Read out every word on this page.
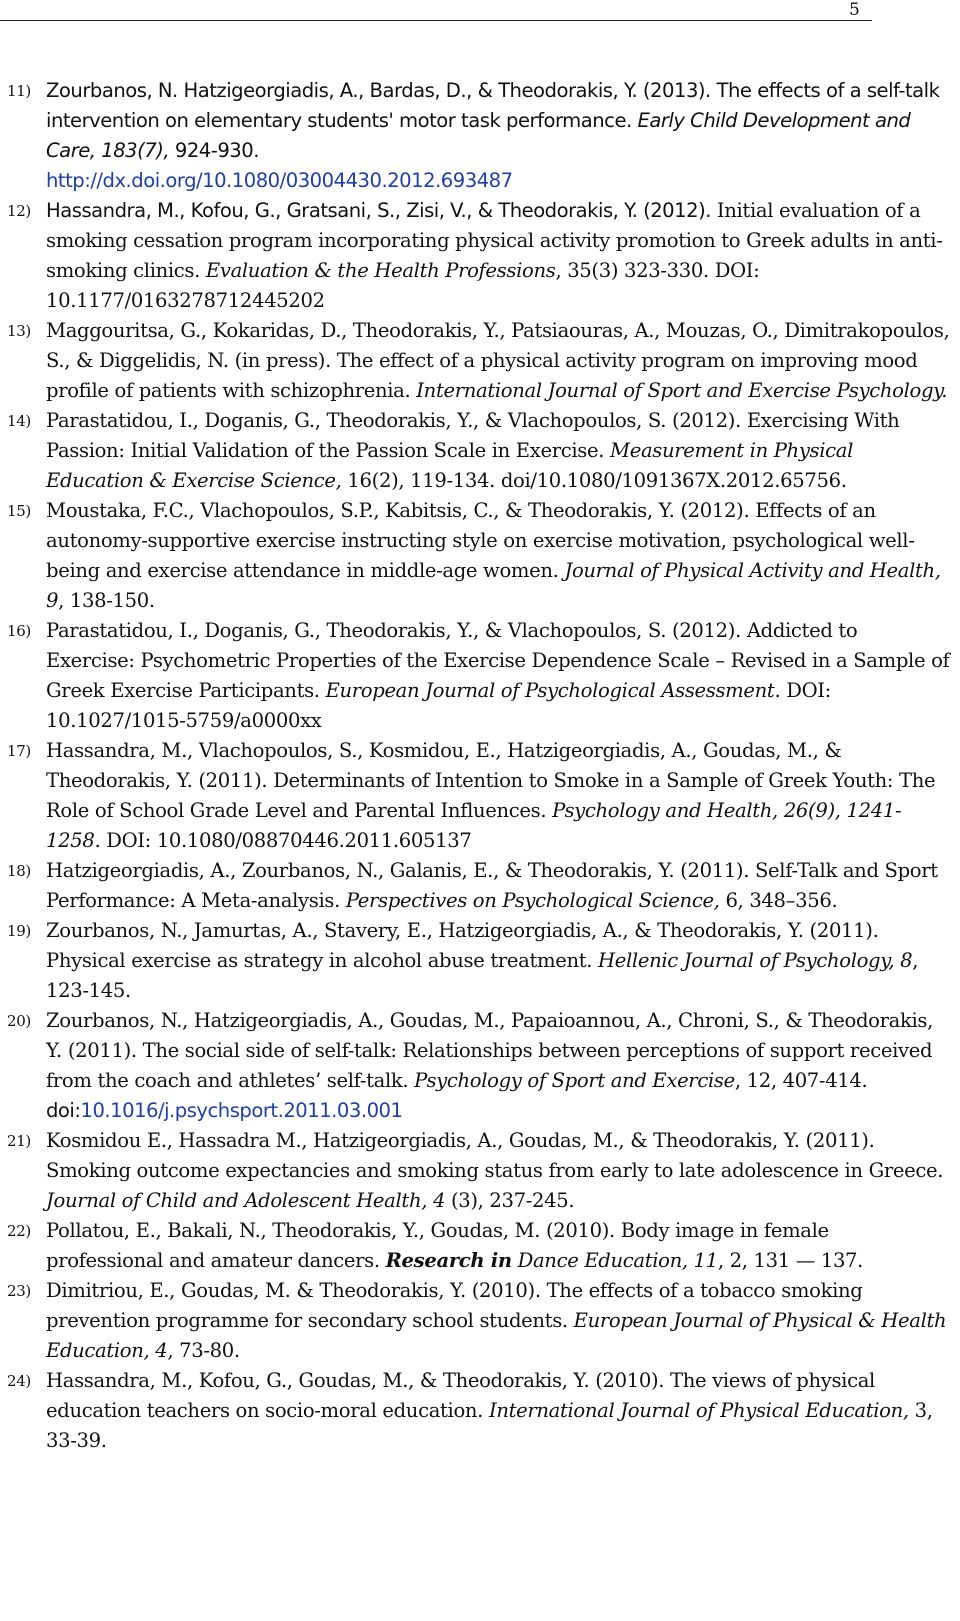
5
11) Zourbanos, N. Hatzigeorgiadis, A., Bardas, D., & Theodorakis, Y. (2013). The effects of a self-talk intervention on elementary students' motor task performance. Early Child Development and Care, 183(7), 924-930.
http://dx.doi.org/10.1080/03004430.2012.693487
12) Hassandra, M., Kofou, G., Gratsani, S., Zisi, V., & Theodorakis, Y. (2012). Initial evaluation of a smoking cessation program incorporating physical activity promotion to Greek adults in anti-smoking clinics. Evaluation & the Health Professions, 35(3) 323-330. DOI: 10.1177/0163278712445202
13) Maggouritsa, G., Kokaridas, D., Theodorakis, Y., Patsiaouras, A., Mouzas, O., Dimitrakopoulos, S., & Diggelidis, N. (in press). The effect of a physical activity program on improving mood profile of patients with schizophrenia. International Journal of Sport and Exercise Psychology.
14) Parastatidou, I., Doganis, G., Theodorakis, Y., & Vlachopoulos, S. (2012). Exercising With Passion: Initial Validation of the Passion Scale in Exercise. Measurement in Physical Education & Exercise Science, 16(2), 119-134. doi/10.1080/1091367X.2012.65756.
15) Moustaka, F.C., Vlachopoulos, S.P., Kabitsis, C., & Theodorakis, Y. (2012). Effects of an autonomy-supportive exercise instructing style on exercise motivation, psychological well-being and exercise attendance in middle-age women. Journal of Physical Activity and Health, 9, 138-150.
16) Parastatidou, I., Doganis, G., Theodorakis, Y., & Vlachopoulos, S. (2012). Addicted to Exercise: Psychometric Properties of the Exercise Dependence Scale – Revised in a Sample of Greek Exercise Participants. European Journal of Psychological Assessment. DOI: 10.1027/1015-5759/a0000xx
17) Hassandra, M., Vlachopoulos, S., Kosmidou, E., Hatzigeorgiadis, A., Goudas, M., & Theodorakis, Y. (2011). Determinants of Intention to Smoke in a Sample of Greek Youth: The Role of School Grade Level and Parental Influences. Psychology and Health, 26(9), 1241-1258. DOI: 10.1080/08870446.2011.605137
18) Hatzigeorgiadis, A., Zourbanos, N., Galanis, E., & Theodorakis, Y. (2011). Self-Talk and Sport Performance: A Meta-analysis. Perspectives on Psychological Science, 6, 348–356.
19) Zourbanos, N., Jamurtas, A., Stavery, E., Hatzigeorgiadis, A., & Theodorakis, Y. (2011). Physical exercise as strategy in alcohol abuse treatment. Hellenic Journal of Psychology, 8, 123-145.
20) Zourbanos, N., Hatzigeorgiadis, A., Goudas, M., Papaioannou, A., Chroni, S., & Theodorakis, Y. (2011). The social side of self-talk: Relationships between perceptions of support received from the coach and athletes’ self-talk. Psychology of Sport and Exercise, 12, 407-414. doi:10.1016/j.psychsport.2011.03.001
21) Kosmidou E., Hassadra M., Hatzigeorgiadis, A., Goudas, M., & Theodorakis, Y. (2011). Smoking outcome expectancies and smoking status from early to late adolescence in Greece. Journal of Child and Adolescent Health, 4 (3), 237-245.
22) Pollatou, E., Bakali, N., Theodorakis, Y., Goudas, M. (2010). Body image in female professional and amateur dancers. Research in Dance Education, 11, 2, 131 — 137.
23) Dimitriou, E., Goudas, M. & Theodorakis, Y. (2010). The effects of a tobacco smoking prevention programme for secondary school students. European Journal of Physical & Health Education, 4, 73-80.
24) Hassandra, M., Kofou, G., Goudas, M., & Theodorakis, Y. (2010). The views of physical education teachers on socio-moral education. International Journal of Physical Education, 3, 33-39.
